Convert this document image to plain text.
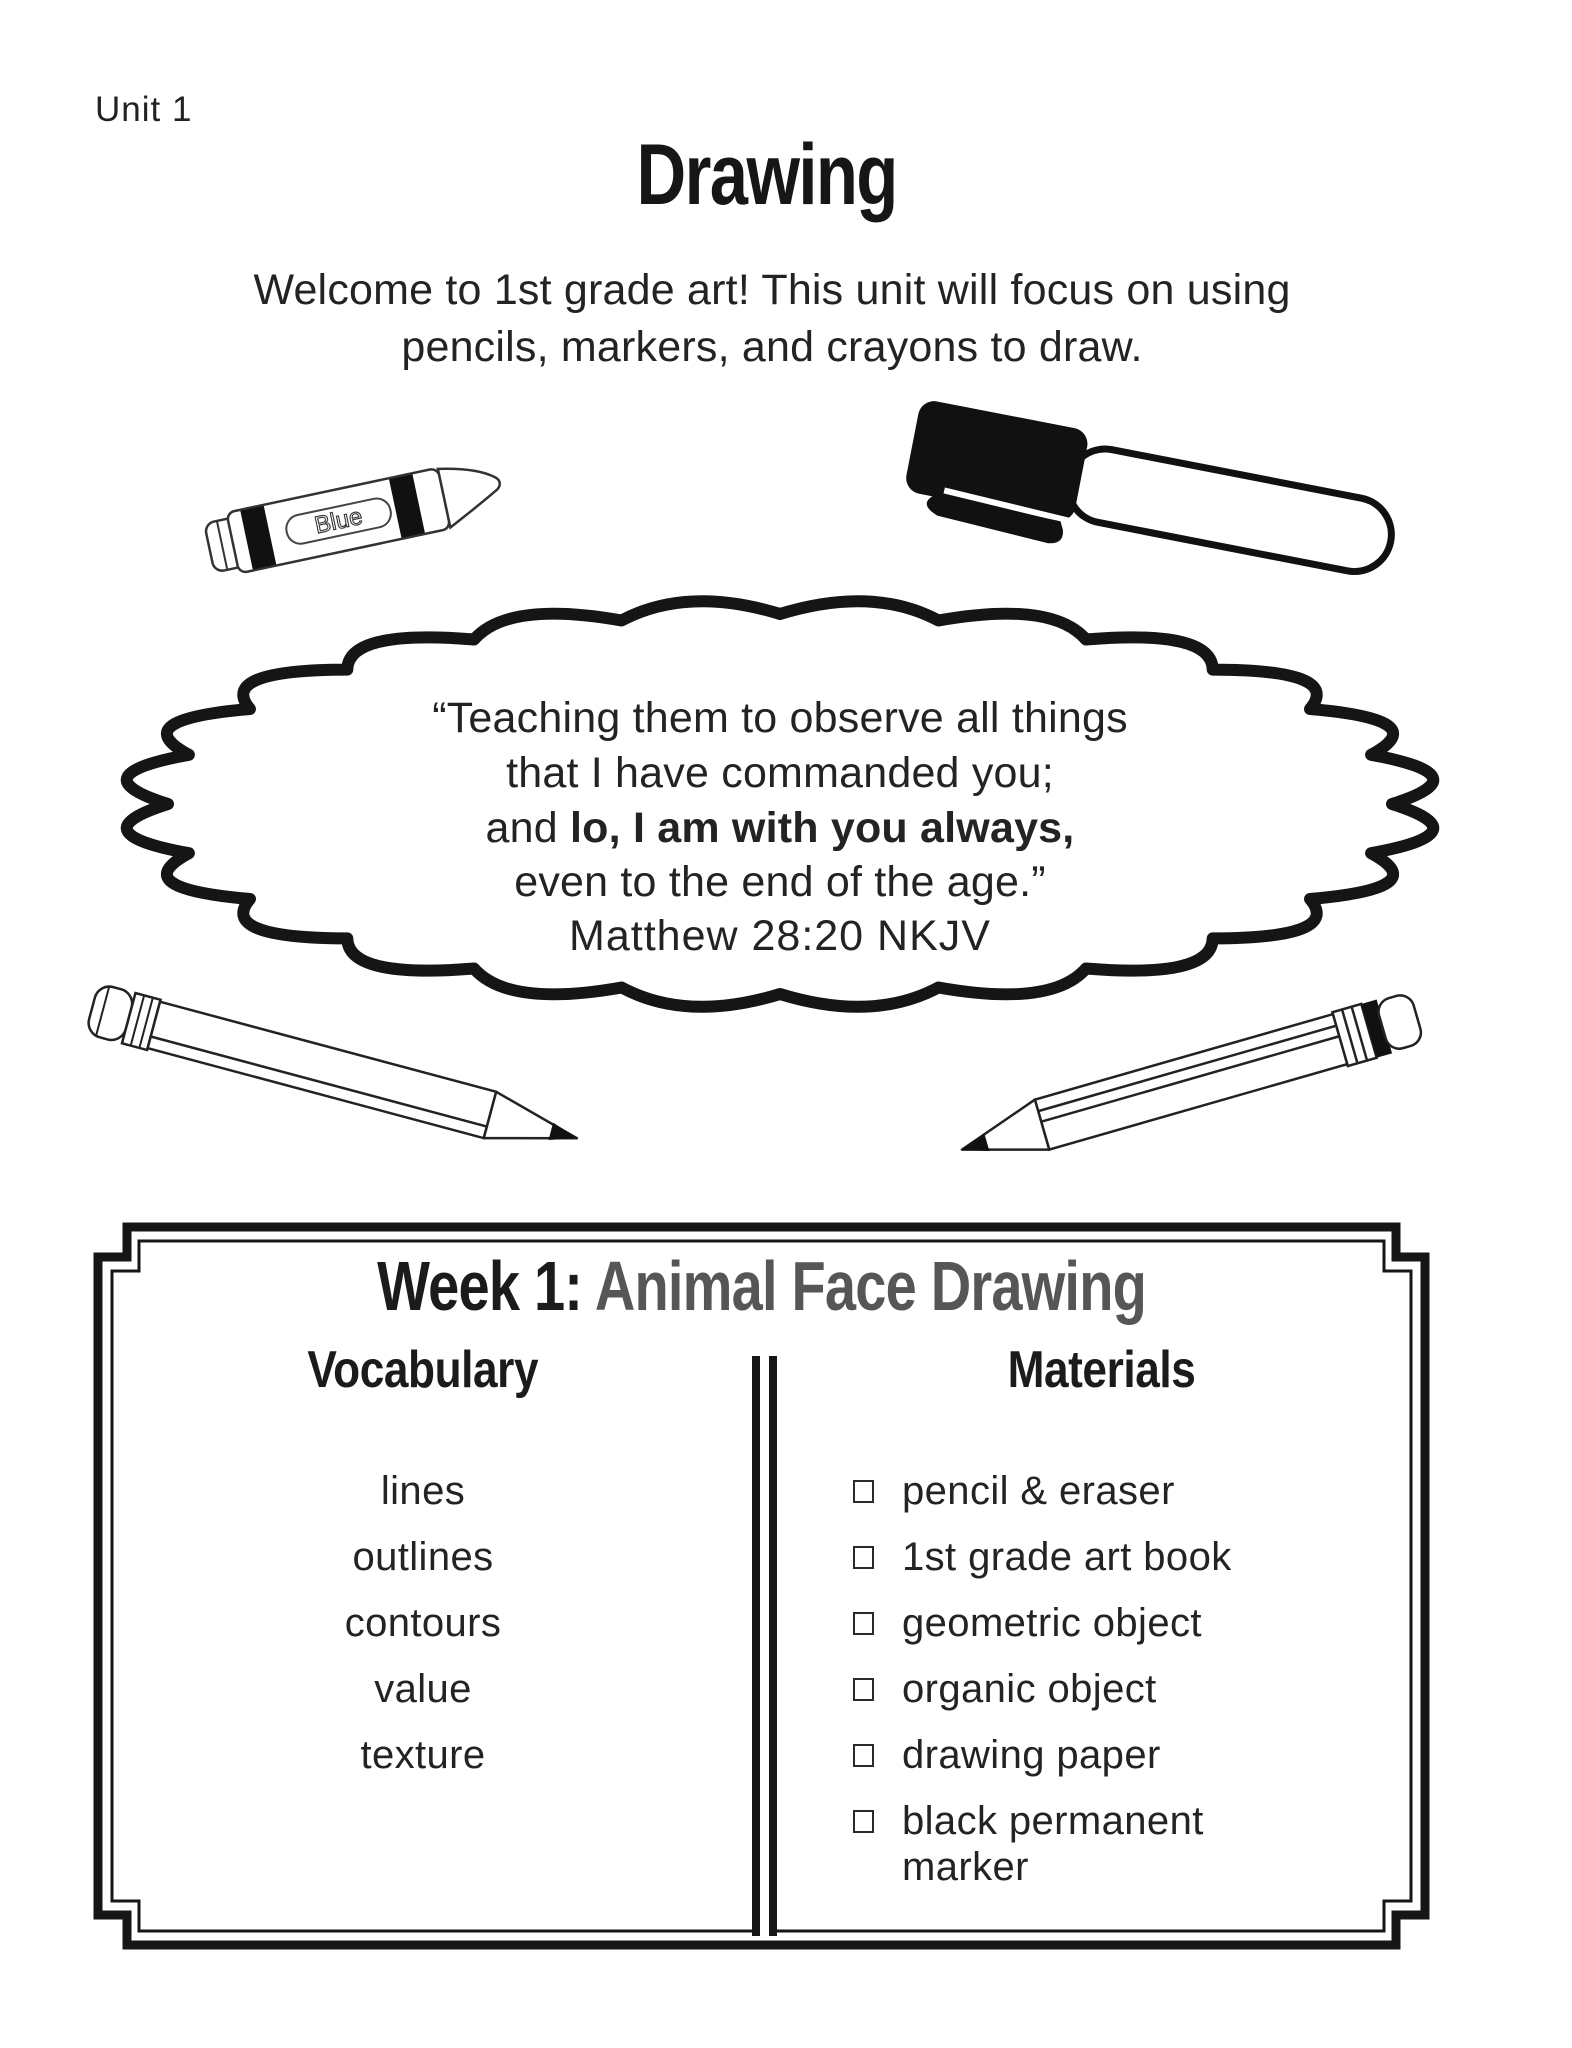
Unit 1
Drawing
Welcome to 1st grade art! This unit will focus on using
pencils, markers, and crayons to draw.
Blue
“Teaching them to observe all things
that I have commanded you;
and lo, I am with you always,
even to the end of the age.”
Matthew 28:20 NKJV
Week 1: Animal Face Drawing
Vocabulary	Materials
lines
outlines
contours
value
texture
pencil & eraser
1st grade art book
geometric object
organic object
drawing paper
black permanent marker
